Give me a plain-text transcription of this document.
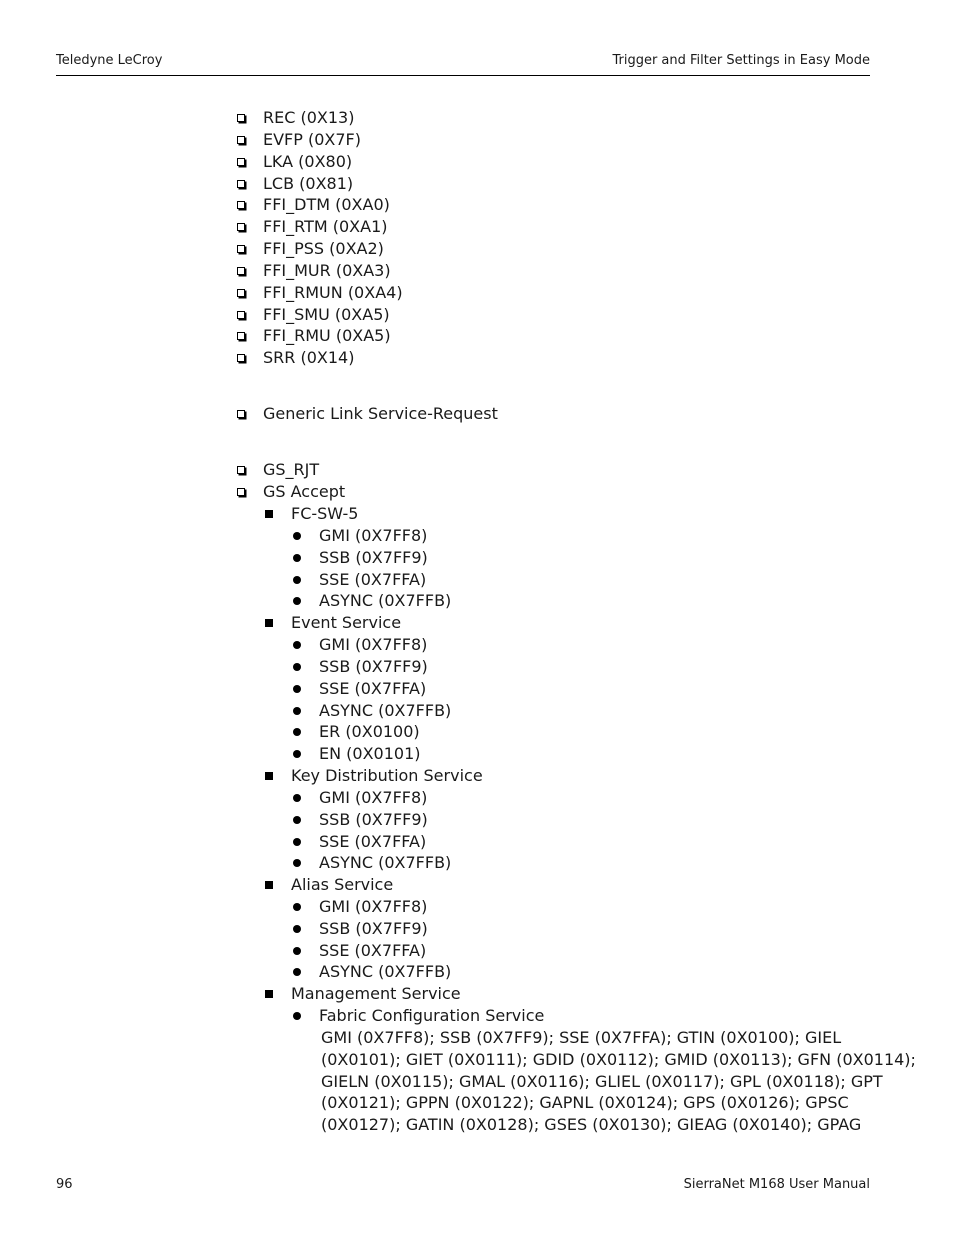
Teledyne LeCroy	Trigger and Filter Settings in Easy Mode
REC (0X13)
EVFP (0X7F)
LKA (0X80)
LCB (0X81)
FFI_DTM (0XA0)
FFI_RTM (0XA1)
FFI_PSS (0XA2)
FFI_MUR (0XA3)
FFI_RMUN (0XA4)
FFI_SMU (0XA5)
FFI_RMU (0XA5)
SRR (0X14)
Generic Link Service-Request
GS_RJT
GS Accept
FC-SW-5
GMI (0X7FF8)
SSB (0X7FF9)
SSE (0X7FFA)
ASYNC (0X7FFB)
Event Service
GMI (0X7FF8)
SSB (0X7FF9)
SSE (0X7FFA)
ASYNC (0X7FFB)
ER (0X0100)
EN (0X0101)
Key Distribution Service
GMI (0X7FF8)
SSB (0X7FF9)
SSE (0X7FFA)
ASYNC (0X7FFB)
Alias Service
GMI (0X7FF8)
SSB (0X7FF9)
SSE (0X7FFA)
ASYNC (0X7FFB)
Management Service
Fabric Configuration Service
GMI (0X7FF8); SSB (0X7FF9); SSE (0X7FFA); GTIN (0X0100); GIEL
(0X0101); GIET (0X0111); GDID (0X0112); GMID (0X0113); GFN (0X0114);
GIELN (0X0115); GMAL (0X0116); GLIEL (0X0117); GPL (0X0118); GPT
(0X0121); GPPN (0X0122); GAPNL (0X0124); GPS (0X0126); GPSC
(0X0127); GATIN (0X0128); GSES (0X0130); GIEAG (0X0140); GPAG
96	SierraNet M168 User Manual
